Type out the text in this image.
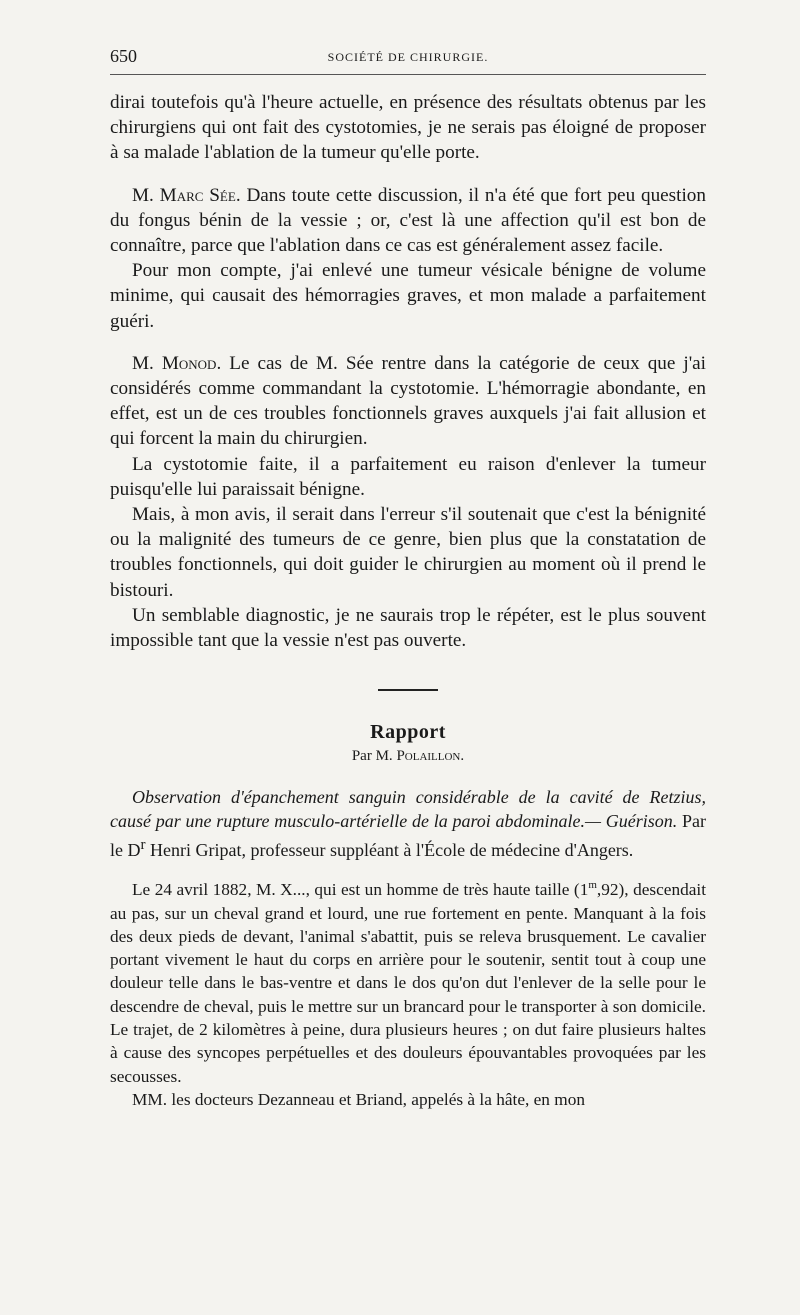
650	SOCIÉTÉ DE CHIRURGIE.

dirai toutefois qu'à l'heure actuelle, en présence des résultats obtenus par les chirurgiens qui ont fait des cystotomies, je ne serais pas éloigné de proposer à sa malade l'ablation de la tumeur qu'elle porte.

M. Marc Sée. Dans toute cette discussion, il n'a été que fort peu question du fongus bénin de la vessie ; or, c'est là une affection qu'il est bon de connaître, parce que l'ablation dans ce cas est généralement assez facile.

Pour mon compte, j'ai enlevé une tumeur vésicale bénigne de volume minime, qui causait des hémorragies graves, et mon malade a parfaitement guéri.

M. Monod. Le cas de M. Sée rentre dans la catégorie de ceux que j'ai considérés comme commandant la cystotomie. L'hémorragie abondante, en effet, est un de ces troubles fonctionnels graves auxquels j'ai fait allusion et qui forcent la main du chirurgien.

La cystotomie faite, il a parfaitement eu raison d'enlever la tumeur puisqu'elle lui paraissait bénigne.

Mais, à mon avis, il serait dans l'erreur s'il soutenait que c'est la bénignité ou la malignité des tumeurs de ce genre, bien plus que la constatation de troubles fonctionnels, qui doit guider le chirurgien au moment où il prend le bistouri.

Un semblable diagnostic, je ne saurais trop le répéter, est le plus souvent impossible tant que la vessie n'est pas ouverte.

Rapport
Par M. Polaillon.

Observation d'épanchement sanguin considérable de la cavité de Retzius, causé par une rupture musculo-artérielle de la paroi abdominale.— Guérison. Par le $D^r$ Henri Gripat, professeur suppléant à l'École de médecine d'Angers.

Le 24 avril 1882, M. X..., qui est un homme de très haute taille (1$^m$,92), descendait au pas, sur un cheval grand et lourd, une rue fortement en pente. Manquant à la fois des deux pieds de devant, l'animal s'abattit, puis se releva brusquement. Le cavalier portant vivement le haut du corps en arrière pour le soutenir, sentit tout à coup une douleur telle dans le bas-ventre et dans le dos qu'on dut l'enlever de la selle pour le descendre de cheval, puis le mettre sur un brancard pour le transporter à son domicile. Le trajet, de 2 kilomètres à peine, dura plusieurs heures ; on dut faire plusieurs haltes à cause des syncopes perpétuelles et des douleurs épouvantables provoquées par les secousses.

MM. les docteurs Dezanneau et Briand, appelés à la hâte, en mon
